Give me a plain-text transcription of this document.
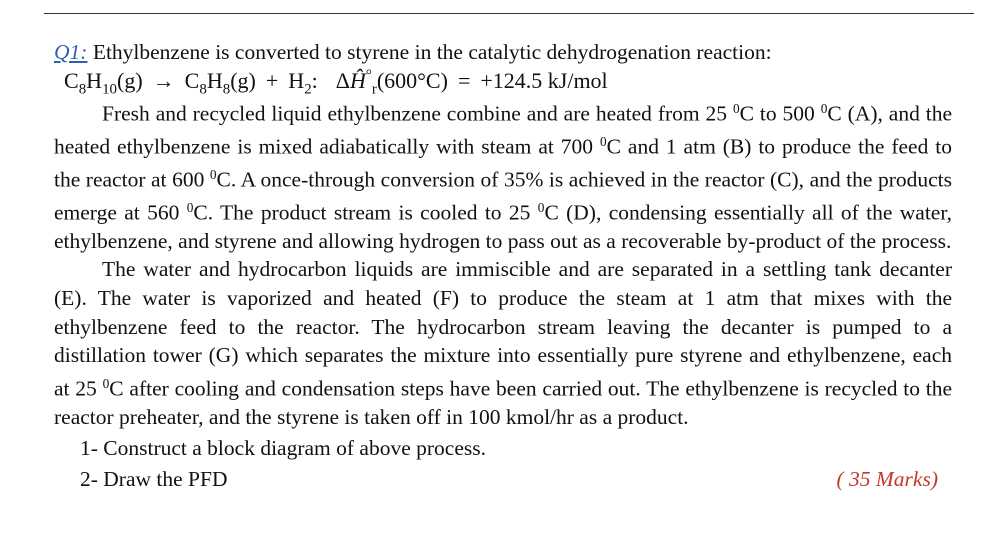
Q1: Ethylbenzene is converted to styrene in the catalytic dehydrogenation reaction:
$C_8H_{10}(g) \to C_8H_8(g) + H_2$: $\Delta Ĥ^\circ_r(600^\circ C) = +124.5$ kJ/mol

Fresh and recycled liquid ethylbenzene combine and are heated from 25 $^0$C to 500 $^0$C (A), and the heated ethylbenzene is mixed adiabatically with steam at 700 $^0$C and 1 atm (B) to produce the feed to the reactor at 600 $^0$C. A once-through conversion of 35% is achieved in the reactor (C), and the products emerge at 560 $^0$C. The product stream is cooled to 25 $^0$C (D), condensing essentially all of the water, ethylbenzene, and styrene and allowing hydrogen to pass out as a recoverable by-product of the process.

The water and hydrocarbon liquids are immiscible and are separated in a settling tank decanter (E). The water is vaporized and heated (F) to produce the steam at 1 atm that mixes with the ethylbenzene feed to the reactor. The hydrocarbon stream leaving the decanter is pumped to a distillation tower (G) which separates the mixture into essentially pure styrene and ethylbenzene, each at 25 $^0$C after cooling and condensation steps have been carried out. The ethylbenzene is recycled to the reactor preheater, and the styrene is taken off in 100 kmol/hr as a product.

1- Construct a block diagram of above process.
2- Draw the PFD	( 35 Marks)
